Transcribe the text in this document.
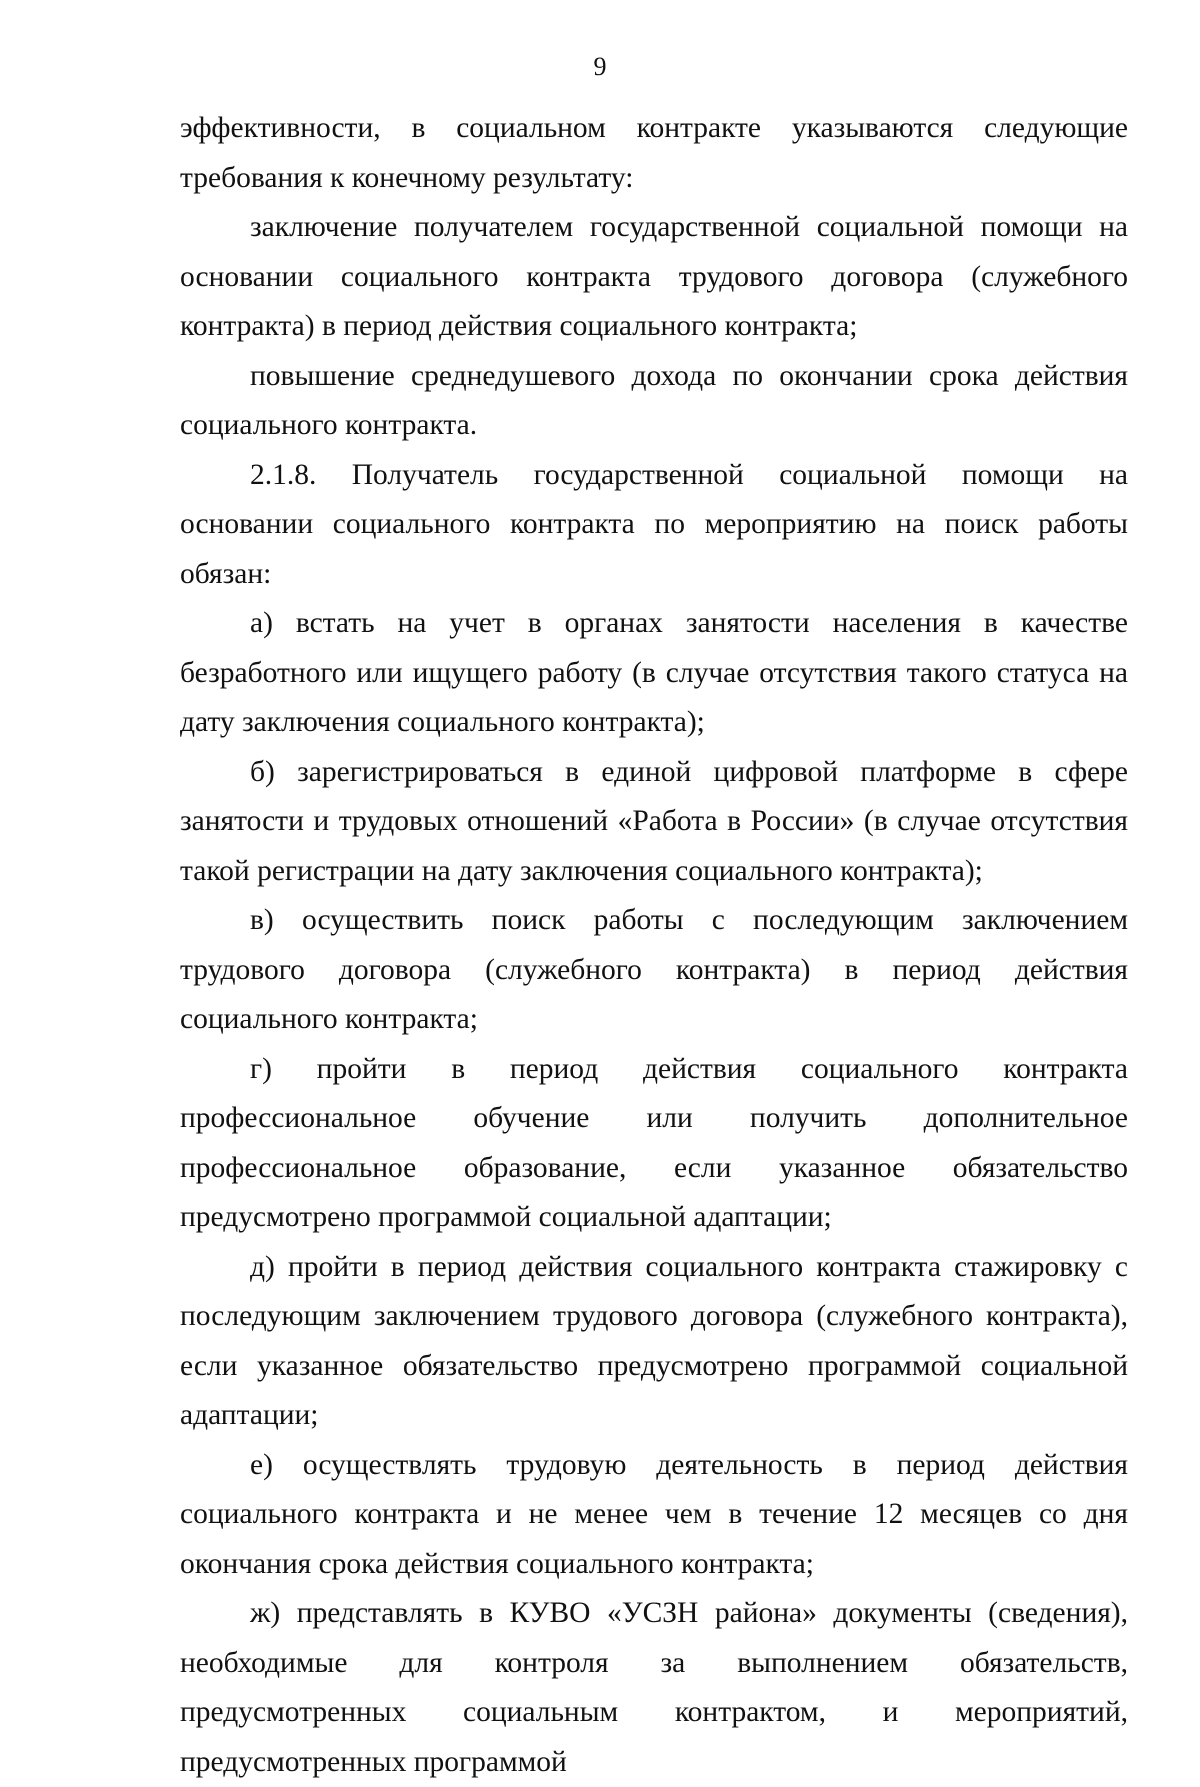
9

эффективности, в социальном контракте указываются следующие требования к конечному результату:

заключение получателем государственной социальной помощи на основании социального контракта трудового договора (служебного контракта) в период действия социального контракта;

повышение среднедушевого дохода по окончании срока действия социального контракта.

2.1.8. Получатель государственной социальной помощи на основании социального контракта по мероприятию на поиск работы обязан:

а) встать на учет в органах занятости населения в качестве безработного или ищущего работу (в случае отсутствия такого статуса на дату заключения социального контракта);

б) зарегистрироваться в единой цифровой платформе в сфере занятости и трудовых отношений «Работа в России» (в случае отсутствия такой регистрации на дату заключения социального контракта);

в) осуществить поиск работы с последующим заключением трудового договора (служебного контракта) в период действия социального контракта;

г) пройти в период действия социального контракта профессиональное обучение или получить дополнительное профессиональное образование, если указанное обязательство предусмотрено программой социальной адаптации;

д) пройти в период действия социального контракта стажировку с последующим заключением трудового договора (служебного контракта), если указанное обязательство предусмотрено программой социальной адаптации;

е) осуществлять трудовую деятельность в период действия социального контракта и не менее чем в течение 12 месяцев со дня окончания срока действия социального контракта;

ж) представлять в КУВО «УСЗН района» документы (сведения), необходимые для контроля за выполнением обязательств, предусмотренных социальным контрактом, и мероприятий, предусмотренных программой
